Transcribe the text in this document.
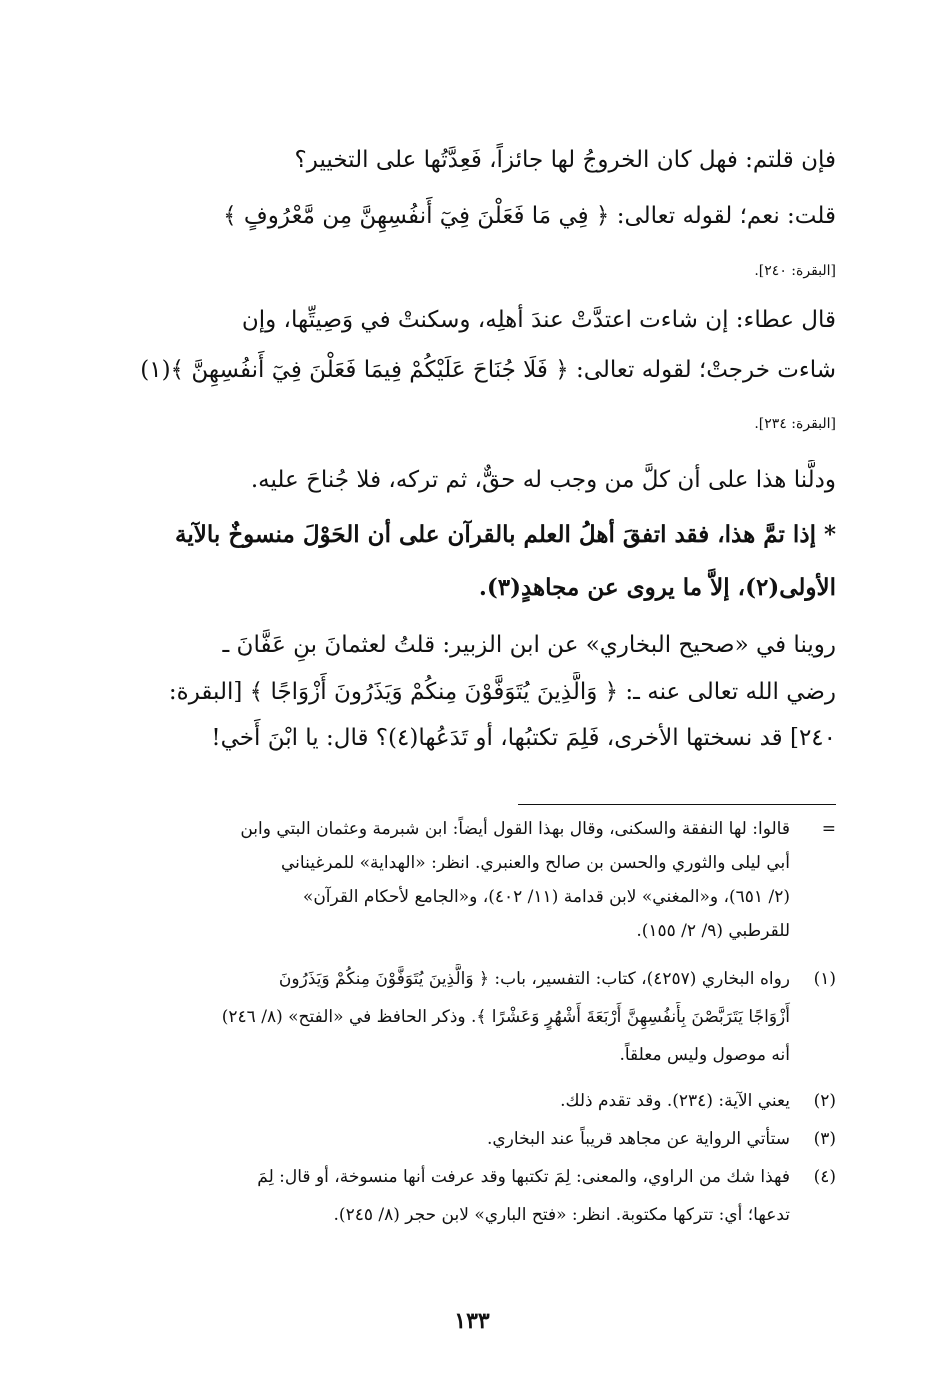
فإن قلتم: فهل كان الخروجُ لها جائزاً، فَعِدَّتُها على التخيير؟
قلت: نعم؛ لقوله تعالى: ﴿ فِي مَا فَعَلْنَ فِيٓ أَنفُسِهِنَّ مِن مَّعْرُوفٍ ﴾
[البقرة: ٢٤٠].
قال عطاء: إن شاءت اعتدَّتْ عندَ أهلِه، وسكنتْ في وَصِيتِّها، وإن
شاءت خرجتْ؛ لقوله تعالى: ﴿ فَلَا جُنَاحَ عَلَيْكُمْ فِيمَا فَعَلْنَ فِيٓ أَنفُسِهِنَّ ﴾(١)
[البقرة: ٢٣٤].
ودلَّنا هذا على أن كلَّ من وجب له حقٌّ، ثم تركه، فلا جُناحَ عليه.
* إذا تمَّ هذا، فقد اتفقَ أهلُ العلم بالقرآن على أن الحَوْلَ منسوخٌ بالآية
الأولى(٢)، إلاَّ ما يروى عن مجاهدٍ(٣).
روينا في «صحيح البخاري» عن ابن الزبير: قلتُ لعثمانَ بنِ عَفَّانَ ـ
رضي الله تعالى عنه ـ: ﴿ وَالَّذِينَ يُتَوَفَّوْنَ مِنكُمْ وَيَذَرُونَ أَزْوَاجًا ﴾ [البقرة:
٢٤٠] قد نسختها الأخرى، فَلِمَ تكتبُها، أو تَدَعُها(٤)؟ قال: يا ابْنَ أَخي!
=قالوا: لها النفقة والسكنى، وقال بهذا القول أيضاً: ابن شبرمة وعثمان البتي وابن
أبي ليلى والثوري والحسن بن صالح والعنبري. انظر: «الهداية» للمرغيناني
(٢/ ٦٥١)، و«المغني» لابن قدامة (١١/ ٤٠٢)، و«الجامع لأحكام القرآن»
للقرطبي (٩/ ٢/ ١٥٥).
(١)رواه البخاري (٤٢٥٧)، كتاب: التفسير، باب: ﴿ وَالَّذِينَ يُتَوَفَّوْنَ مِنكُمْ وَيَذَرُونَ
أَزْوَاجًا يَتَرَبَّصْنَ بِأَنفُسِهِنَّ أَرْبَعَةَ أَشْهُرٍ وَعَشْرًا ﴾. وذكر الحافظ في «الفتح» (٨/ ٢٤٦)
أنه موصول وليس معلقاً.
(٢)يعني الآية: (٢٣٤). وقد تقدم ذلك.
(٣)ستأتي الرواية عن مجاهد قريباً عند البخاري.
(٤)فهذا شك من الراوي، والمعنى: لِمَ تكتبها وقد عرفت أنها منسوخة، أو قال: لِمَ
تدعها؛ أي: تتركها مكتوبة. انظر: «فتح الباري» لابن حجر (٨/ ٢٤٥).
١٣٣
